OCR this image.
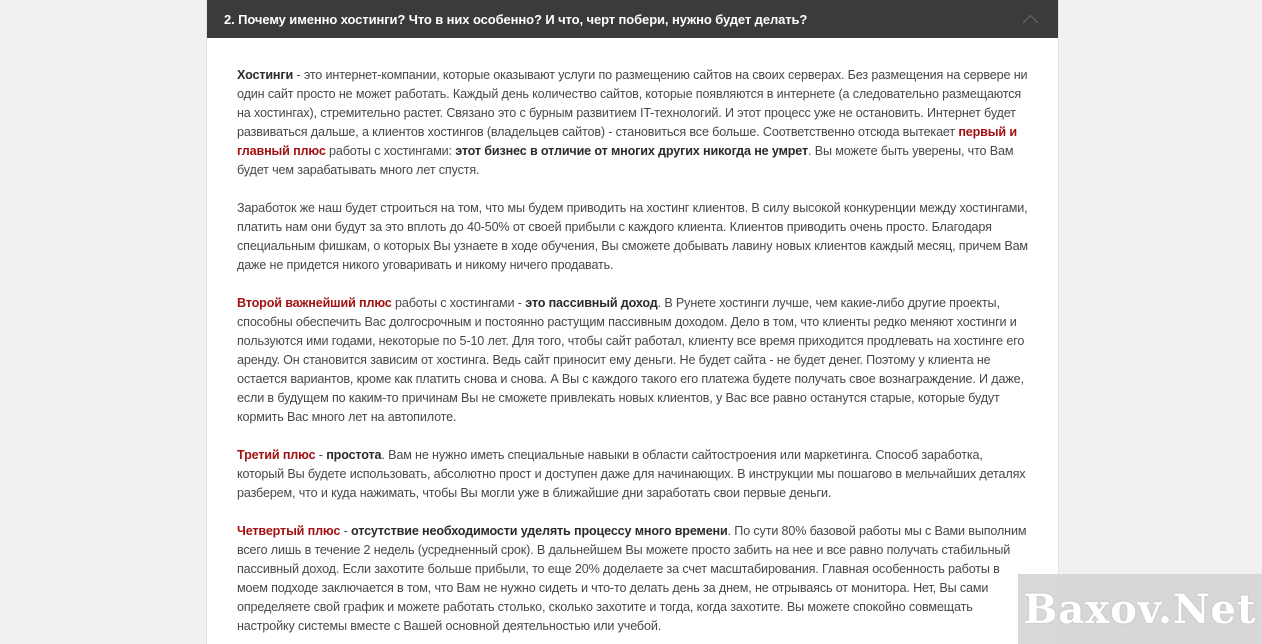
2. Почему именно хостинги? Что в них особенно? И что, черт побери, нужно будет делать?

Хостинги - это интернет-компании, которые оказывают услуги по размещению сайтов на своих серверах. Без размещения на сервере ни один сайт просто не может работать. Каждый день количество сайтов, которые появляются в интернете (а следовательно размещаются на хостингах), стремительно растет. Связано это с бурным развитием IT-технологий. И этот процесс уже не остановить. Интернет будет развиваться дальше, а клиентов хостингов (владельцев сайтов) - становиться все больше. Соответственно отсюда вытекает первый и главный плюс работы с хостингами: этот бизнес в отличие от многих других никогда не умрет. Вы можете быть уверены, что Вам будет чем зарабатывать много лет спустя.

Заработок же наш будет строиться на том, что мы будем приводить на хостинг клиентов. В силу высокой конкуренции между хостингами, платить нам они будут за это вплоть до 40-50% от своей прибыли с каждого клиента. Клиентов приводить очень просто. Благодаря специальным фишкам, о которых Вы узнаете в ходе обучения, Вы сможете добывать лавину новых клиентов каждый месяц, причем Вам даже не придется никого уговаривать и никому ничего продавать.

Второй важнейший плюс работы с хостингами - это пассивный доход. В Рунете хостинги лучше, чем какие-либо другие проекты, способны обеспечить Вас долгосрочным и постоянно растущим пассивным доходом. Дело в том, что клиенты редко меняют хостинги и пользуются ими годами, некоторые по 5-10 лет. Для того, чтобы сайт работал, клиенту все время приходится продлевать на хостинге его аренду. Он становится зависим от хостинга. Ведь сайт приносит ему деньги. Не будет сайта - не будет денег. Поэтому у клиента не остается вариантов, кроме как платить снова и снова. А Вы с каждого такого его платежа будете получать свое вознаграждение. И даже, если в будущем по каким-то причинам Вы не сможете привлекать новых клиентов, у Вас все равно останутся старые, которые будут кормить Вас много лет на автопилоте.

Третий плюс - простота. Вам не нужно иметь специальные навыки в области сайтостроения или маркетинга. Способ заработка, который Вы будете использовать, абсолютно прост и доступен даже для начинающих. В инструкции мы пошагово в мельчайших деталях разберем, что и куда нажимать, чтобы Вы могли уже в ближайшие дни заработать свои первые деньги.

Четвертый плюс - отсутствие необходимости уделять процессу много времени. По сути 80% базовой работы мы с Вами выполним всего лишь в течение 2 недель (усредненный срок). В дальнейшем Вы можете просто забить на нее и все равно получать стабильный пассивный доход. Если захотите больше прибыли, то еще 20% доделаете за счет масштабирования. Главная особенность работы в моем подходе заключается в том, что Вам не нужно сидеть и что-то делать день за днем, не отрываясь от монитора. Нет, Вы сами определяете свой график и можете работать столько, сколько захотите и тогда, когда захотите. Вы можете спокойно совмещать настройку системы вместе с Вашей основной деятельностью или учебой.	Baxov.Net
